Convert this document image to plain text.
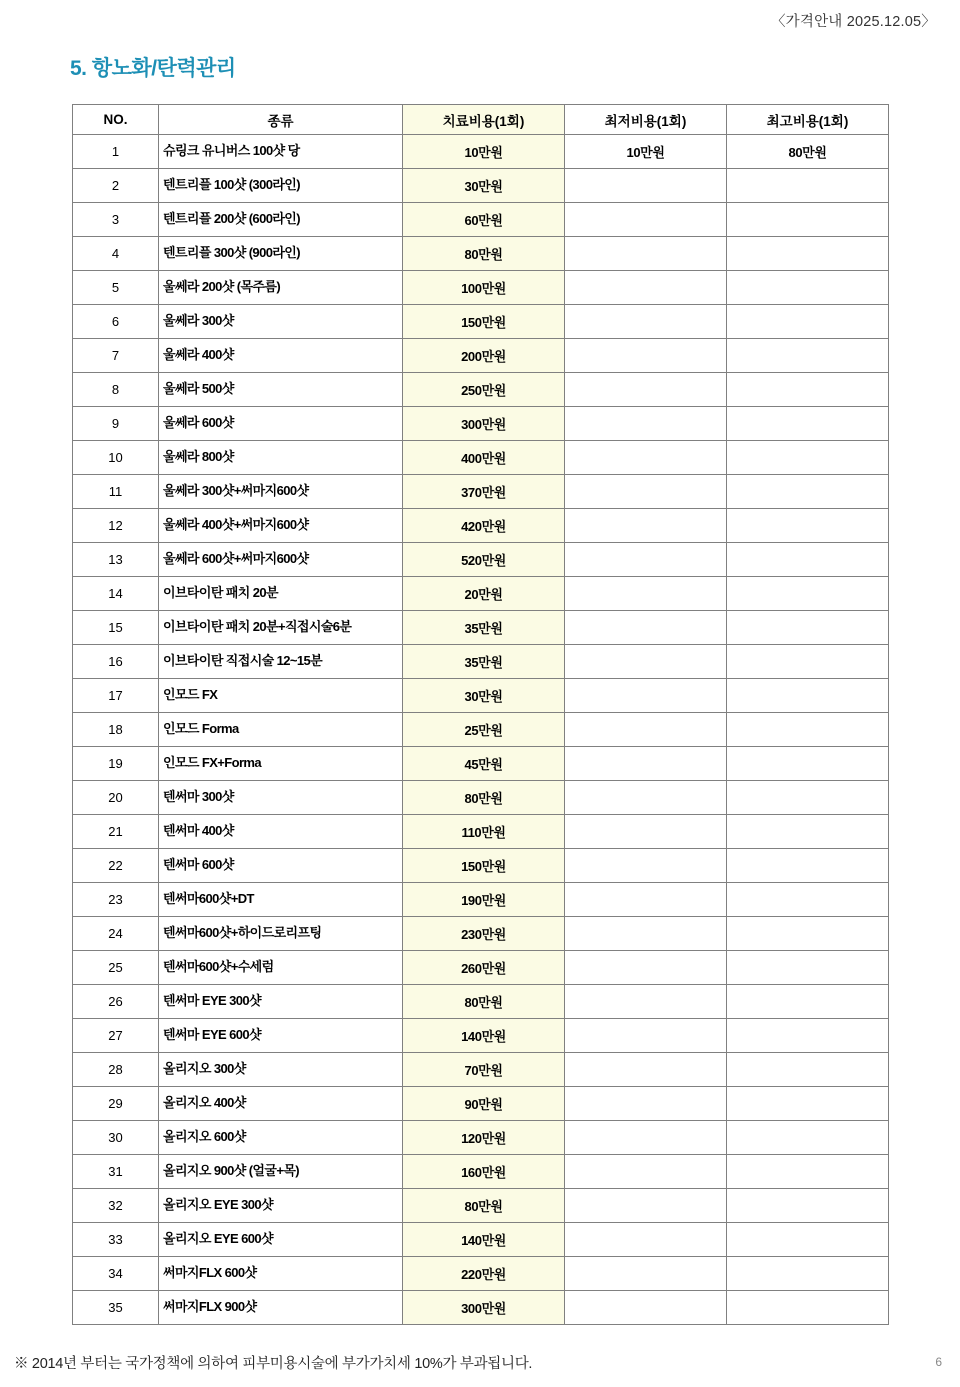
〈가격안내 2025.12.05〉
5. 항노화/탄력관리
NO.	종류	치료비용(1회)	최저비용(1회)	최고비용(1회)
1	슈링크 유니버스 100샷 당	10만원	10만원	80만원
2	텐트리플 100샷 (300라인)	30만원		
3	텐트리플 200샷 (600라인)	60만원		
4	텐트리플 300샷 (900라인)	80만원		
5	울쎄라 200샷 (목주름)	100만원		
6	울쎄라 300샷	150만원		
7	울쎄라 400샷	200만원		
8	울쎄라 500샷	250만원		
9	울쎄라 600샷	300만원		
10	울쎄라 800샷	400만원		
11	울쎄라 300샷+써마지600샷	370만원		
12	울쎄라 400샷+써마지600샷	420만원		
13	울쎄라 600샷+써마지600샷	520만원		
14	이브타이탄 패치 20분	20만원		
15	이브타이탄 패치 20분+직접시술6분	35만원		
16	이브타이탄 직접시술 12~15분	35만원		
17	인모드 FX	30만원		
18	인모드 Forma	25만원		
19	인모드 FX+Forma	45만원		
20	텐써마 300샷	80만원		
21	텐써마 400샷	110만원		
22	텐써마 600샷	150만원		
23	텐써마600샷+DT	190만원		
24	텐써마600샷+하이드로리프팅	230만원		
25	텐써마600샷+수세럼	260만원		
26	텐써마 EYE 300샷	80만원		
27	텐써마 EYE 600샷	140만원		
28	올리지오 300샷	70만원		
29	올리지오 400샷	90만원		
30	올리지오 600샷	120만원		
31	올리지오 900샷 (얼굴+목)	160만원		
32	올리지오 EYE 300샷	80만원		
33	올리지오 EYE 600샷	140만원		
34	써마지FLX 600샷	220만원		
35	써마지FLX 900샷	300만원		
※ 2014년 부터는 국가정책에 의하여 피부미용시술에 부가가치세 10%가 부과됩니다.	6
